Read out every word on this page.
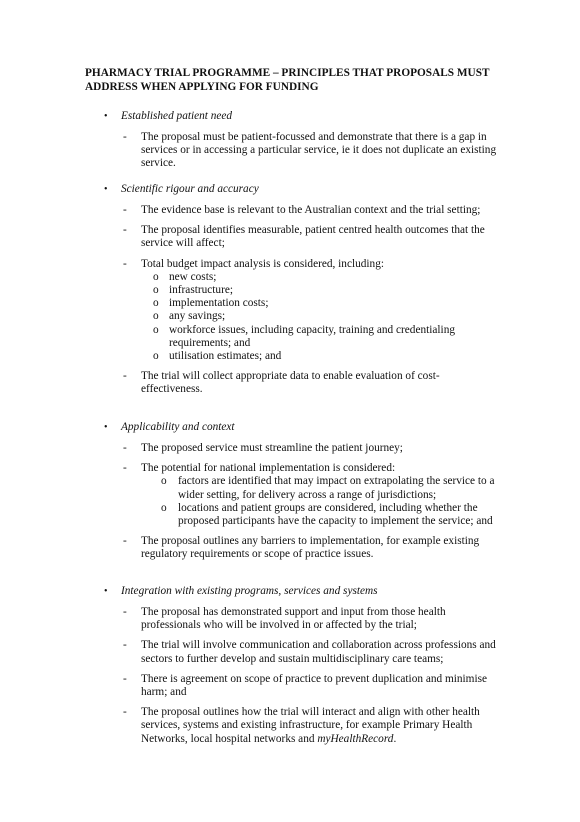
PHARMACY TRIAL PROGRAMME – PRINCIPLES THAT PROPOSALS MUST ADDRESS WHEN APPLYING FOR FUNDING
• Established patient need
- The proposal must be patient-focussed and demonstrate that there is a gap in services or in accessing a particular service, ie it does not duplicate an existing service.
• Scientific rigour and accuracy
- The evidence base is relevant to the Australian context and the trial setting;
- The proposal identifies measurable, patient centred health outcomes that the service will affect;
- Total budget impact analysis is considered, including:
o new costs;
o infrastructure;
o implementation costs;
o any savings;
o workforce issues, including capacity, training and credentialing requirements; and
o utilisation estimates; and
- The trial will collect appropriate data to enable evaluation of cost-effectiveness.
• Applicability and context
- The proposed service must streamline the patient journey;
- The potential for national implementation is considered:
o factors are identified that may impact on extrapolating the service to a wider setting, for delivery across a range of jurisdictions;
o locations and patient groups are considered, including whether the proposed participants have the capacity to implement the service; and
- The proposal outlines any barriers to implementation, for example existing regulatory requirements or scope of practice issues.
• Integration with existing programs, services and systems
- The proposal has demonstrated support and input from those health professionals who will be involved in or affected by the trial;
- The trial will involve communication and collaboration across professions and sectors to further develop and sustain multidisciplinary care teams;
- There is agreement on scope of practice to prevent duplication and minimise harm; and
- The proposal outlines how the trial will interact and align with other health services, systems and existing infrastructure, for example Primary Health Networks, local hospital networks and myHealthRecord.
